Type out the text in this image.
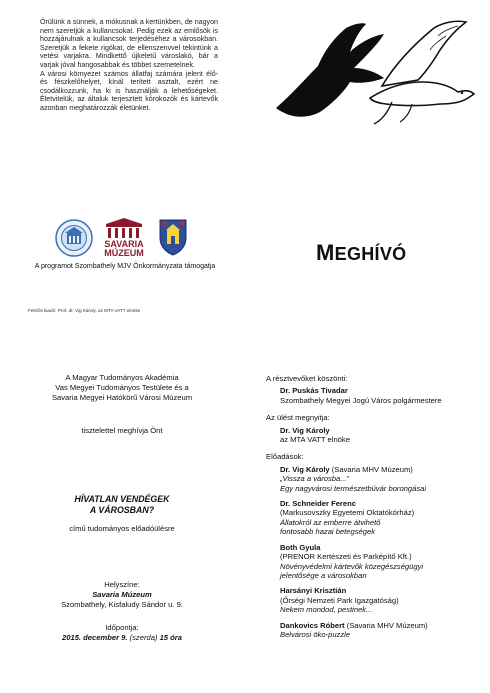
Örülünk a sünnek, a mókusnak a kertünkben, de nagyon nem szeretjük a kullancsokat. Pedig ezek az emlősök is hozzájárulnak a kullancsok terjedéséhez a városokban. Szeretjük a fekete rigókat, de ellenszenvvel tekintünk a vetési varjakra. Mindkettő újkeletű városlakó, bár a varjak jóval hangosabbak és többet szemetelnek.

A városi környezet számos állatfaj számára jelent élő- és fészkelőhelyet, kínál terített asztalt, ezért ne csodálkozzunk, ha ki is használják a lehetőségeket. Életvitelük, az általuk terjesztett kórokozók és kártevők azonban meghatározzák életünket.

SAVARIA
MÚZEUM
A programot Szombathely MJV Önkormányzata támogatja
Felelős kiadó: Prof. dr. Vig Károly, az MTA VATT elnöke
MEGHÍVÓ
A Magyar Tudományos Akadémia
Vas Megyei Tudományos Testülete és a
Savaria Megyei Hatókörű Városi Múzeum
tisztelettel meghívja Önt
HÍVATLAN VENDÉGEK
A VÁROSBAN?
című tudományos előadóülésre
Helyszíne:
Savaria Múzeum
Szombathely, Kisfaludy Sándor u. 9.
Időpontja:
2015. december 9. (szerda) 15 óra
A résztvevőket köszönti:
Dr. Puskás Tivadar
Szombathely Megyei Jogú Város polgármestere
Az ülést megnyitja:
Dr. Vig Károly
az MTA VATT elnöke
Előadások:
Dr. Vig Károly (Savaria MHV Múzeum)
„Vissza a városba...”
Egy nagyvárosi természetbúvár borongásai
Dr. Schneider Ferenc
(Markusovszky Egyetemi Oktatókórház)
Állatokról az emberre átvihető
fontosabb hazai betegségek
Both Gyula
(PRENOR Kertészeti és Parképítő Kft.)
Növényvédelmi kártevők közegészségügyi
jelentősége a városokban
Harsányi Krisztián
(Őrségi Nemzeti Park Igazgatóság)
Nekem mondod, pestinek...
Dankovics Róbert (Savaria MHV Múzeum)
Belvárosi öko-puzzle
